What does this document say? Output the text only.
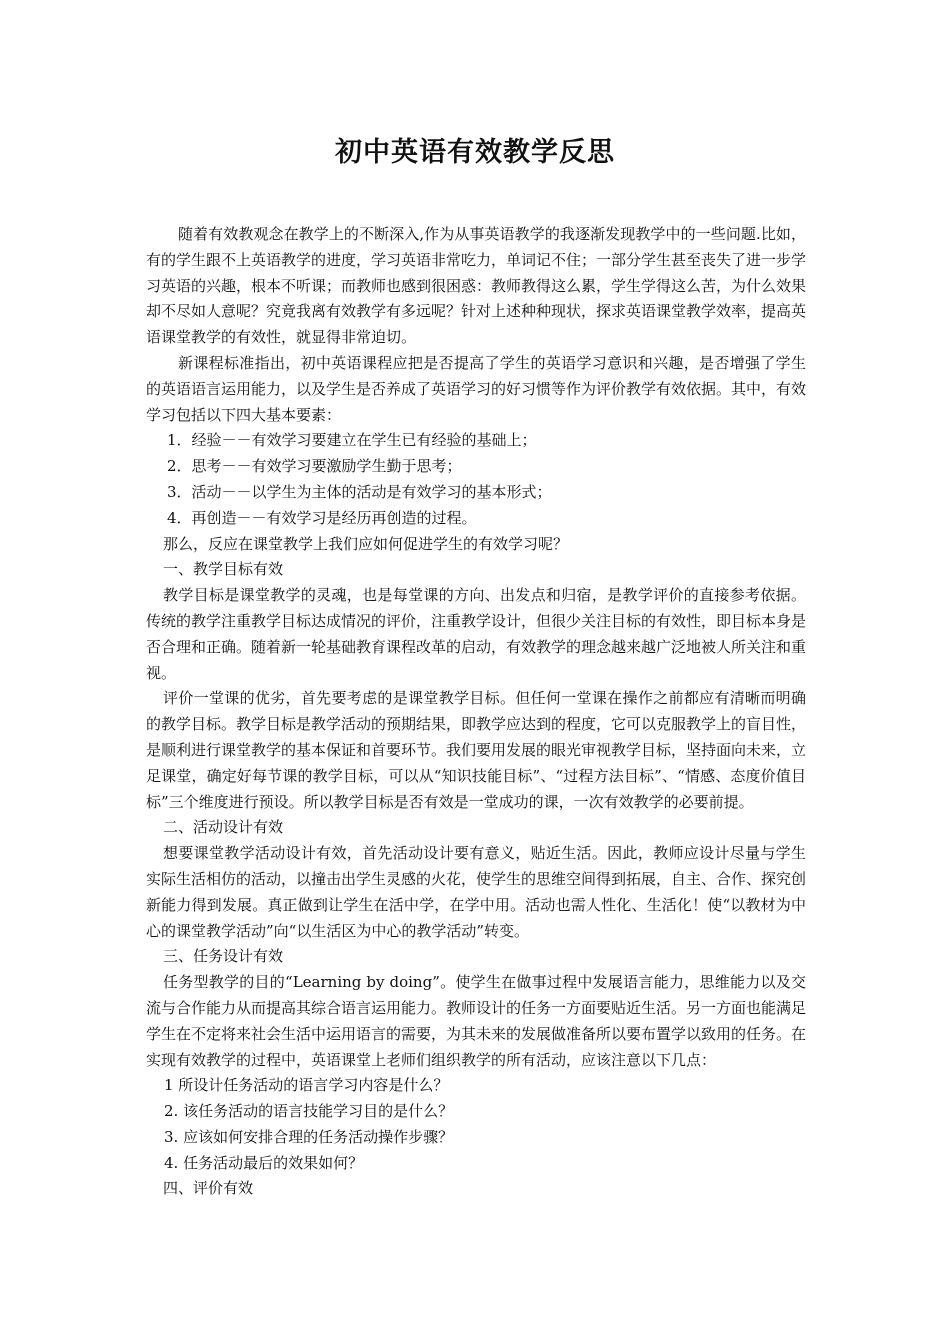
初中英语有效教学反思

随着有效教观念在教学上的不断深入,作为从事英语教学的我逐渐发现教学中的一些问题.比如，有的学生跟不上英语教学的进度，学习英语非常吃力，单词记不住；一部分学生甚至丧失了进一步学习英语的兴趣，根本不听课；而教师也感到很困惑：教师教得这么累，学生学得这么苦，为什么效果却不尽如人意呢？究竟我离有效教学有多远呢？针对上述种种现状，探求英语课堂教学效率，提高英语课堂教学的有效性，就显得非常迫切。

新课程标准指出，初中英语课程应把是否提高了学生的英语学习意识和兴趣，是否增强了学生的英语语言运用能力，以及学生是否养成了英语学习的好习惯等作为评价教学有效依据。其中，有效学习包括以下四大基本要素：

1．经验－－有效学习要建立在学生已有经验的基础上；

2．思考－－有效学习要激励学生勤于思考；

3．活动－－以学生为主体的活动是有效学习的基本形式；

4．再创造－－有效学习是经历再创造的过程。

那么，反应在课堂教学上我们应如何促进学生的有效学习呢？

一、教学目标有效

教学目标是课堂教学的灵魂，也是每堂课的方向、出发点和归宿，是教学评价的直接参考依据。传统的教学注重教学目标达成情况的评价，注重教学设计，但很少关注目标的有效性，即目标本身是否合理和正确。随着新一轮基础教育课程改革的启动，有效教学的理念越来越广泛地被人所关注和重视。

评价一堂课的优劣，首先要考虑的是课堂教学目标。但任何一堂课在操作之前都应有清晰而明确的教学目标。教学目标是教学活动的预期结果，即教学应达到的程度，它可以克服教学上的盲目性，是顺利进行课堂教学的基本保证和首要环节。我们要用发展的眼光审视教学目标，坚持面向未来，立足课堂，确定好每节课的教学目标，可以从“知识技能目标”、“过程方法目标”、“情感、态度价值目标”三个维度进行预设。所以教学目标是否有效是一堂成功的课，一次有效教学的必要前提。

二、活动设计有效

想要课堂教学活动设计有效，首先活动设计要有意义，贴近生活。因此，教师应设计尽量与学生实际生活相仿的活动，以撞击出学生灵感的火花，使学生的思维空间得到拓展，自主、合作、探究创新能力得到发展。真正做到让学生在活中学，在学中用。活动也需人性化、生活化！使“以教材为中心的课堂教学活动”向“以生活区为中心的教学活动”转变。

三、任务设计有效

任务型教学的目的“Learning by doing”。使学生在做事过程中发展语言能力，思维能力以及交流与合作能力从而提高其综合语言运用能力。教师设计的任务一方面要贴近生活。另一方面也能满足学生在不定将来社会生活中运用语言的需要，为其未来的发展做准备所以要布置学以致用的任务。在实现有效教学的过程中，英语课堂上老师们组织教学的所有活动，应该注意以下几点：

1 所设计任务活动的语言学习内容是什么？

2. 该任务活动的语言技能学习目的是什么？

3. 应该如何安排合理的任务活动操作步骤？

4. 任务活动最后的效果如何？

四、评价有效
